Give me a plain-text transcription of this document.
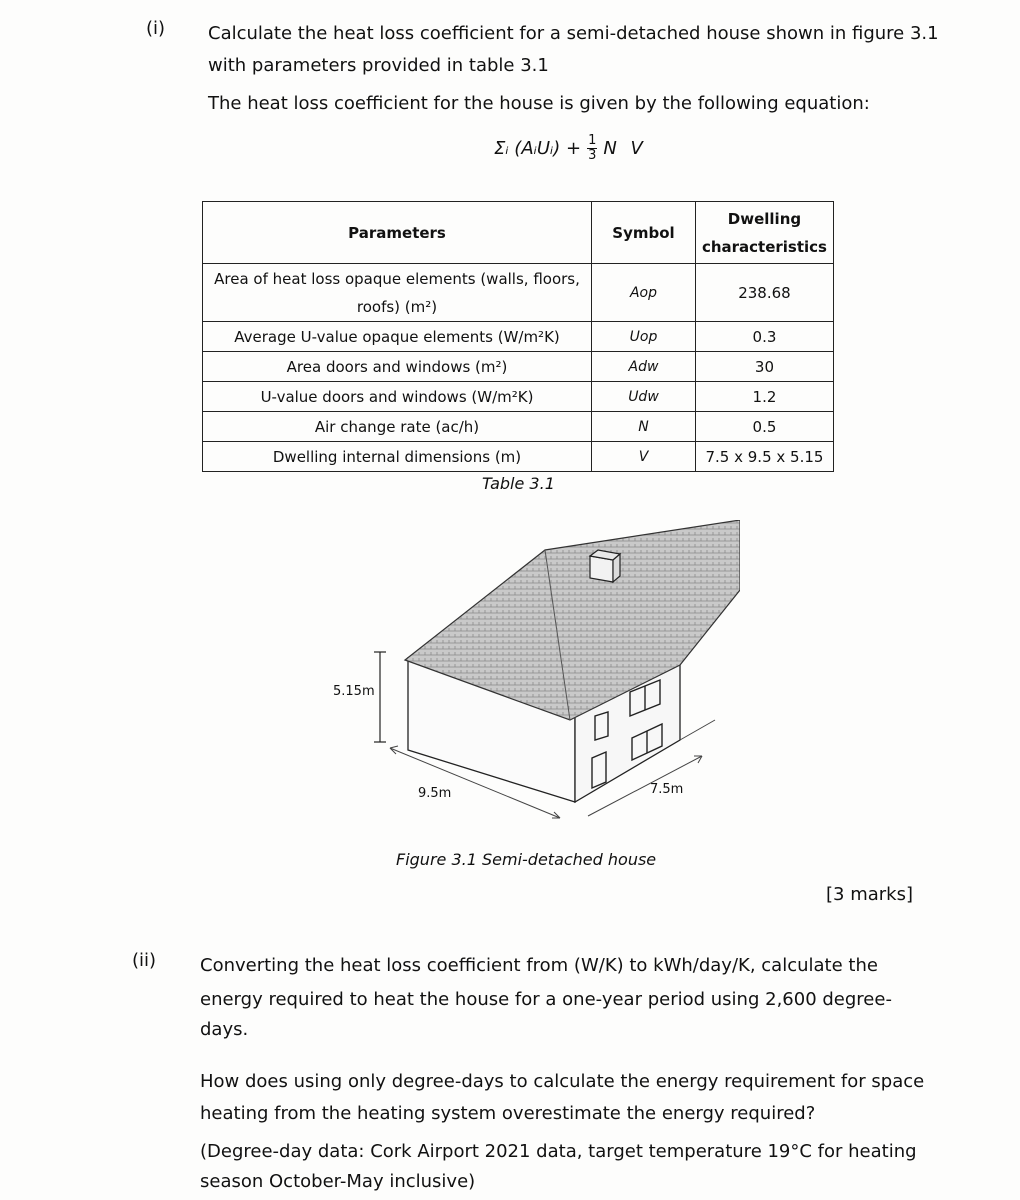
(i) Calculate the heat loss coefficient for a semi-detached house shown in figure 3.1
with parameters provided in table 3.1
The heat loss coefficient for the house is given by the following equation:
Σᵢ (AᵢUᵢ) + $\frac{1}{3}$ N V
Parameters	Symbol	Dwelling characteristics
Area of heat loss opaque elements (walls, floors, roofs) (m²)	Aop	238.68
Average U-value opaque elements (W/m²K)	Uop	0.3
Area doors and windows (m²)	Adw	30
U-value doors and windows (W/m²K)	Udw	1.2
Air change rate (ac/h)	N	0.5
Dwelling internal dimensions (m)	V	7.5 x 9.5 x 5.15
Table 3.1
5.15m
9.5m	7.5m
Figure 3.1 Semi-detached house
[3 marks]
(ii) Converting the heat loss coefficient from (W/K) to kWh/day/K, calculate the
energy required to heat the house for a one-year period using 2,600 degree-
days.
How does using only degree-days to calculate the energy requirement for space
heating from the heating system overestimate the energy required?
(Degree-day data: Cork Airport 2021 data, target temperature 19°C for heating
season October-May inclusive)
